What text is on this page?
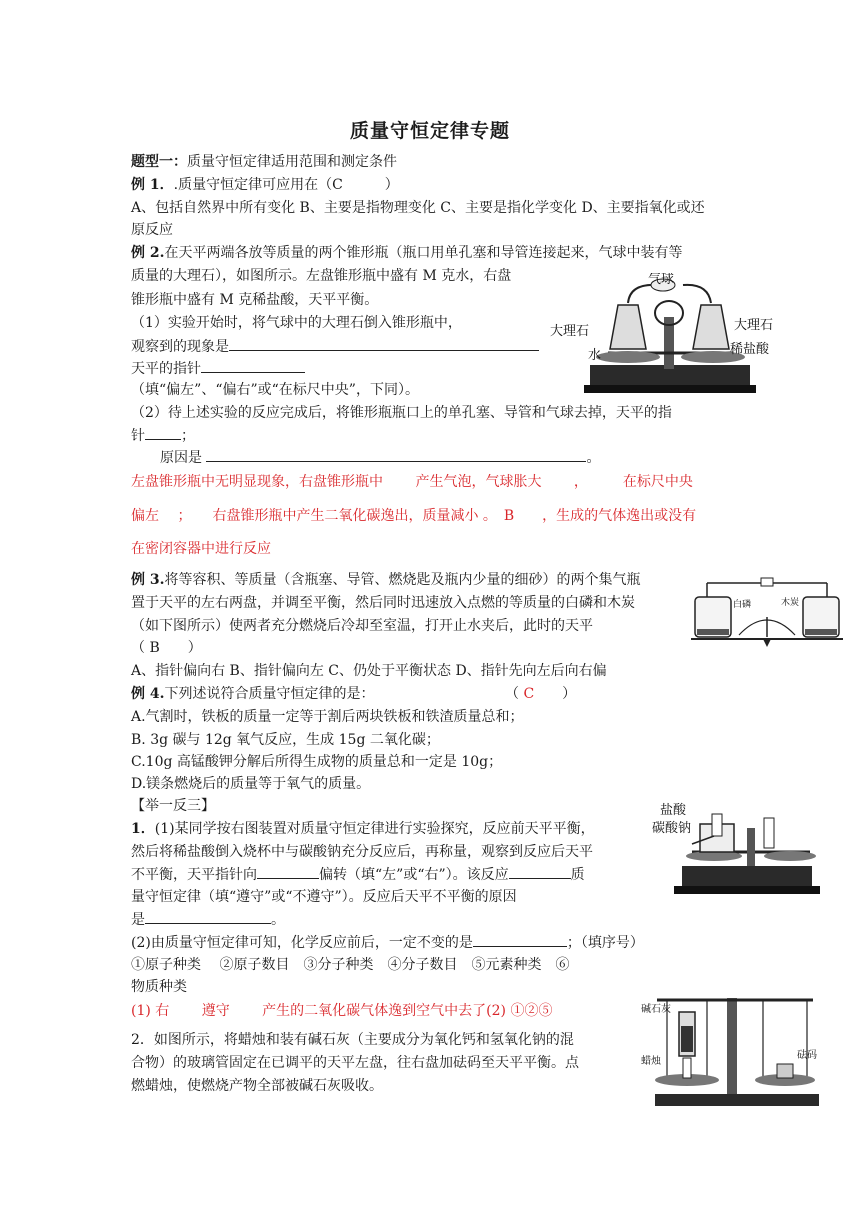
质量守恒定律专题
题型一：质量守恒定律适用范围和测定条件
例 1．.质量守恒定律可应用在（C　　　）
A、包括自然界中所有变化 B、主要是指物理变化 C、主要是指化学变化 D、主要指氧化或还
原反应
例 2.在天平两端各放等质量的两个锥形瓶（瓶口用单孔塞和导管连接起来，气球中装有等
质量的大理石），如图所示。左盘锥形瓶中盛有 M 克水，右盘
锥形瓶中盛有 M 克稀盐酸，天平平衡。
（1）实验开始时，将气球中的大理石倒入锥形瓶中，
观察到的现象是
天平的指针
（填“偏左”、“偏右”或“在标尺中央”，下同）。
（2）待上述实验的反应完成后，将锥形瓶瓶口上的单孔塞、导管和气球去掉，天平的指
针	；
原因是	。
左盘锥形瓶中无明显现象，右盘锥形瓶中　　 产生气泡，气球胀大　　 ，　　　在标尺中央
偏左　 ；　　右盘锥形瓶中产生二氧化碳逸出，质量减小 。　B　　，生成的气体逸出或没有
在密闭容器中进行反应
气球
大理石	大理石
水	稀盐酸
例 3.将等容积、等质量（含瓶塞、导管、燃烧匙及瓶内少量的细砂）的两个集气瓶
置于天平的左右两盘，并调至平衡，然后同时迅速放入点燃的等质量的白磷和木炭
（如下图所示）使两者充分燃烧后冷却至室温，打开止水夹后，此时的天平
（ B　　）
A、指针偏向右 B、指针偏向左 C、仍处于平衡状态 D、指针先向左后向右偏
白磷	木炭
例 4.下列述说符合质量守恒定律的是：	（ C　　）
A.气割时，铁板的质量一定等于割后两块铁板和铁渣质量总和；
B. 3g 碳与 12g 氧气反应，生成 15g 二氧化碳；
C.10g 高锰酸钾分解后所得生成物的质量总和一定是 10g；
D.镁条燃烧后的质量等于氧气的质量。
【举一反三】
1．(1)某同学按右图装置对质量守恒定律进行实验探究，反应前天平平衡，
然后将稀盐酸倒入烧杯中与碳酸钠充分反应后，再称量，观察到反应后天平
不平衡，天平指针向	偏转（填“左”或“右”）。该反应	质
量守恒定律（填“遵守”或“不遵守”）。反应后天平不平衡的原因
是	。
(2)由质量守恒定律可知，化学反应前后，一定不变的是	；（填序号）
①原子种类　 ②原子数目　③分子种类　④分子数目　⑤元素种类　⑥
物质种类
(1) 右　　 遵守　　 产生的二氧化碳气体逸到空气中去了(2) ①②⑤
盐酸
碳酸钠
2．如图所示，将蜡烛和装有碱石灰（主要成分为氧化钙和氢氧化钠的混
合物）的玻璃管固定在已调平的天平左盘，往右盘加砝码至天平平衡。点
燃蜡烛，使燃烧产物全部被碱石灰吸收。
碱石灰
蜡烛
砝码
